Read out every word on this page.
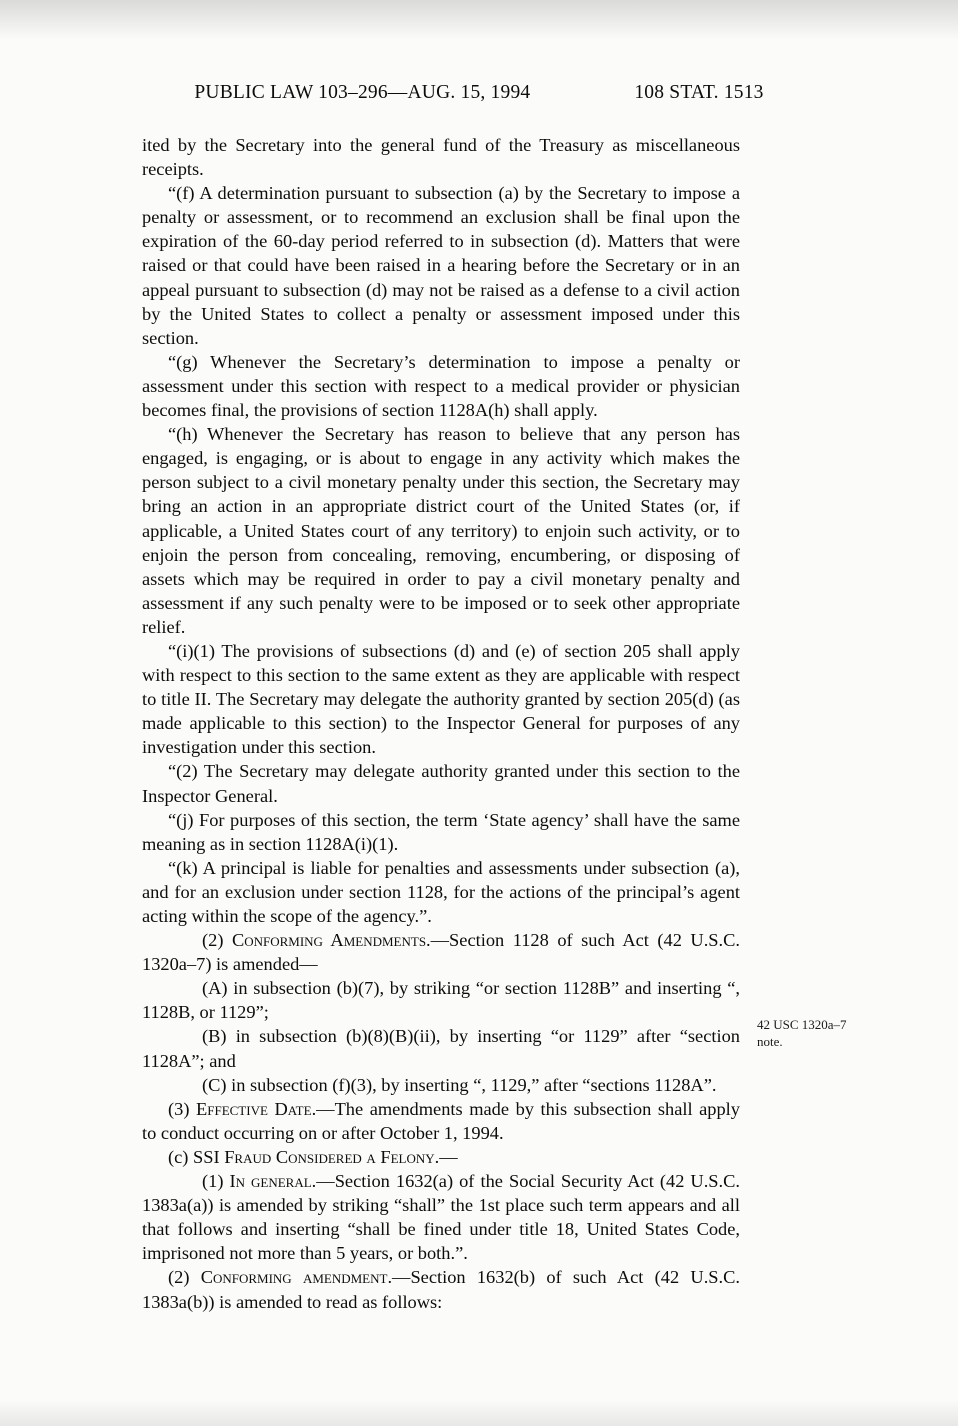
PUBLIC LAW 103–296—AUG. 15, 1994	108 STAT. 1513

ited by the Secretary into the general fund of the Treasury as miscellaneous receipts.

“(f) A determination pursuant to subsection (a) by the Secretary to impose a penalty or assessment, or to recommend an exclusion shall be final upon the expiration of the 60-day period referred to in subsection (d). Matters that were raised or that could have been raised in a hearing before the Secretary or in an appeal pursuant to subsection (d) may not be raised as a defense to a civil action by the United States to collect a penalty or assessment imposed under this section.

“(g) Whenever the Secretary’s determination to impose a penalty or assessment under this section with respect to a medical provider or physician becomes final, the provisions of section 1128A(h) shall apply.

“(h) Whenever the Secretary has reason to believe that any person has engaged, is engaging, or is about to engage in any activity which makes the person subject to a civil monetary penalty under this section, the Secretary may bring an action in an appropriate district court of the United States (or, if applicable, a United States court of any territory) to enjoin such activity, or to enjoin the person from concealing, removing, encumbering, or disposing of assets which may be required in order to pay a civil monetary penalty and assessment if any such penalty were to be imposed or to seek other appropriate relief.

“(i)(1) The provisions of subsections (d) and (e) of section 205 shall apply with respect to this section to the same extent as they are applicable with respect to title II. The Secretary may delegate the authority granted by section 205(d) (as made applicable to this section) to the Inspector General for purposes of any investigation under this section.

“(2) The Secretary may delegate authority granted under this section to the Inspector General.

“(j) For purposes of this section, the term ‘State agency’ shall have the same meaning as in section 1128A(i)(1).

“(k) A principal is liable for penalties and assessments under subsection (a), and for an exclusion under section 1128, for the actions of the principal’s agent acting within the scope of the agency.”.

(2) Conforming Amendments.—Section 1128 of such Act (42 U.S.C. 1320a–7) is amended—

(A) in subsection (b)(7), by striking “or section 1128B” and inserting “, 1128B, or 1129”;

(B) in subsection (b)(8)(B)(ii), by inserting “or 1129” after “section 1128A”; and

(C) in subsection (f)(3), by inserting “, 1129,” after “sections 1128A”.

(3) Effective Date.—The amendments made by this subsection shall apply to conduct occurring on or after October 1, 1994.

(c) SSI Fraud Considered a Felony.—

(1) In general.—Section 1632(a) of the Social Security Act (42 U.S.C. 1383a(a)) is amended by striking “shall” the 1st place such term appears and all that follows and inserting “shall be fined under title 18, United States Code, imprisoned not more than 5 years, or both.”.

(2) Conforming amendment.—Section 1632(b) of such Act (42 U.S.C. 1383a(b)) is amended to read as follows:

42 USC 1320a–7
note.
